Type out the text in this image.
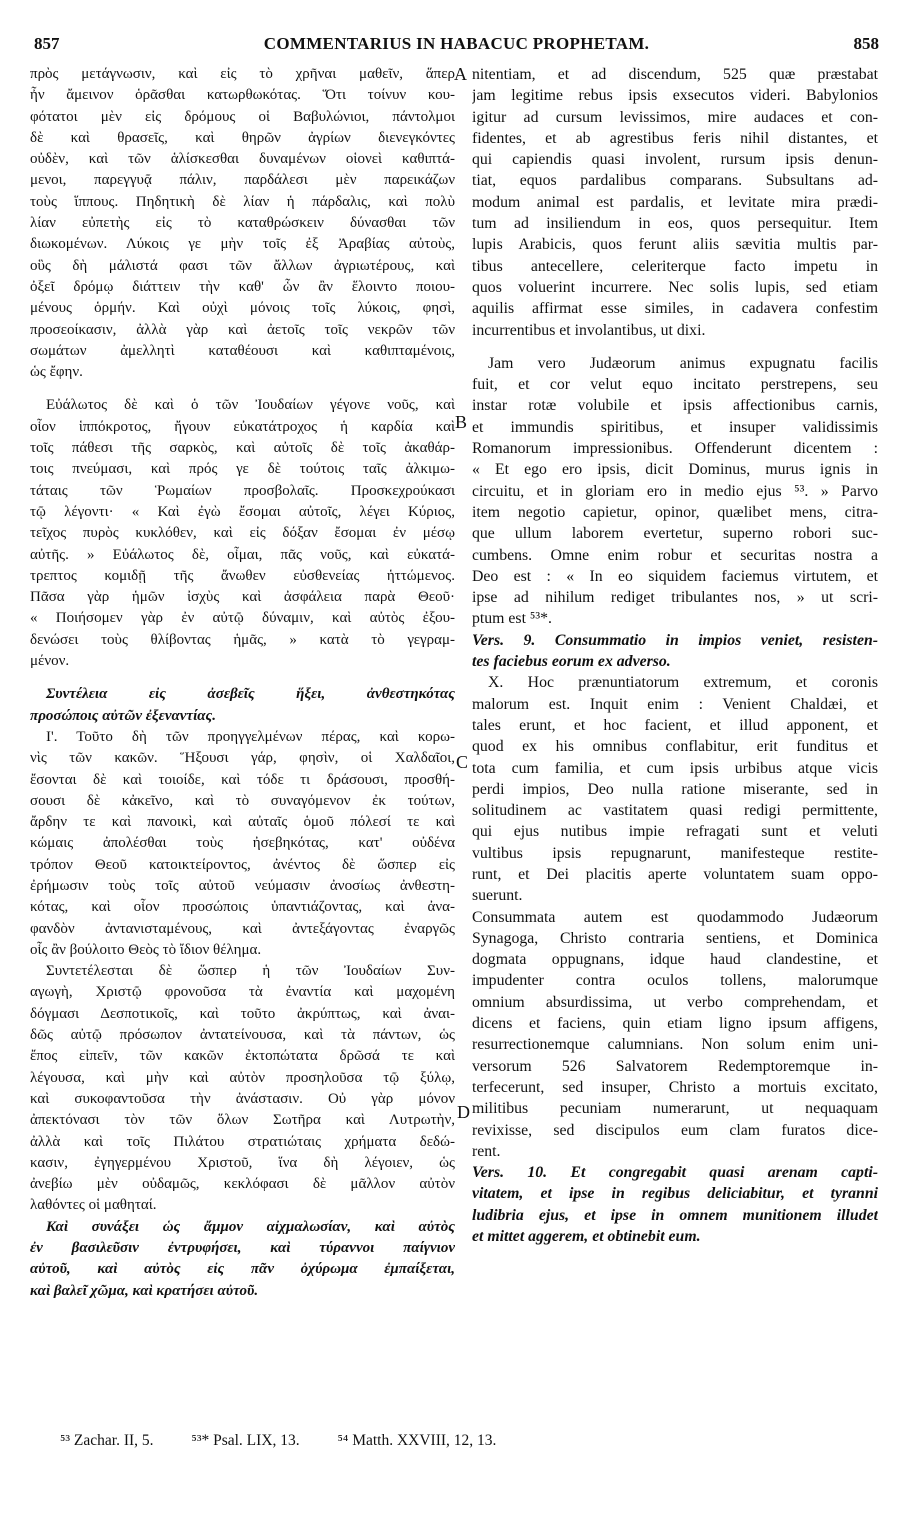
857	COMMENTARIUS IN HABACUC PROPHETAM.	858
πρὸς μετάγνωσιν, καὶ εἰς τὸ χρῆναι μαθεῖν, ἅπερ
ἦν ἄμεινον ὁρᾶσθαι κατωρθωκότας. Ὅτι τοίνυν κου-
φότατοι μὲν εἰς δρόμους οἱ Βαβυλώνιοι, πάντολμοι
δὲ καὶ θρασεῖς, καὶ θηρῶν ἀγρίων διενεγκόντες
οὐδὲν, καὶ τῶν ἁλίσκεσθαι δυναμένων οἱονεὶ καθιπτά-
μενοι, παρεγγυᾷ πάλιν, παρδάλεσι μὲν παρεικάζων
τοὺς ἵππους. Πηδητικὴ δὲ λίαν ἡ πάρδαλις, καὶ πολὺ
λίαν εὐπετὴς εἰς τὸ καταθρώσκειν δύνασθαι τῶν
διωκομένων. Λύκοις γε μὴν τοῖς ἐξ Ἀραβίας αὐτοὺς,
οὓς δὴ μάλιστά φασι τῶν ἄλλων ἀγριωτέρους, καὶ
ὀξεῖ δρόμῳ διάττειν τὴν καθ' ὧν ἂν ἕλοιντο ποιου-
μένους ὁρμήν. Καὶ οὐχὶ μόνοις τοῖς λύκοις, φησὶ,
προσεοίκασιν, ἀλλὰ γὰρ καὶ ἀετοῖς τοῖς νεκρῶν τῶν
σωμάτων ἀμελλητὶ καταθέουσι καὶ καθιπταμένοις,
ὡς ἔφην.
Εὐάλωτος δὲ καὶ ὁ τῶν Ἰουδαίων γέγονε νοῦς, καὶ
οἷον ἱππόκροτος, ἤγουν εὐκατάτροχος ἡ καρδία καὶ
τοῖς πάθεσι τῆς σαρκὸς, καὶ αὐτοῖς δὲ τοῖς ἀκαθάρ-
τοις πνεύμασι, καὶ πρός γε δὲ τούτοις ταῖς ἀλκιμω-
τάταις τῶν Ῥωμαίων προσβολαῖς. Προσκεχρούκασι
τῷ λέγοντι· « Καὶ ἐγὼ ἔσομαι αὐτοῖς, λέγει Κύριος,
τεῖχος πυρὸς κυκλόθεν, καὶ εἰς δόξαν ἔσομαι ἐν μέσῳ
αὐτῆς. » Εὐάλωτος δὲ, οἶμαι, πᾶς νοῦς, καὶ εὐκατά-
τρεπτος κομιδῇ τῆς ἄνωθεν εὐσθενείας ἡττώμενος.
Πᾶσα γὰρ ἡμῶν ἰσχὺς καὶ ἀσφάλεια παρὰ Θεοῦ·
« Ποιήσομεν γὰρ ἐν αὐτῷ δύναμιν, καὶ αὐτὸς ἐξου-
δενώσει τοὺς θλίβοντας ἡμᾶς, » κατὰ τὸ γεγραμ-
μένον.
Συντέλεια εἰς ἀσεβεῖς ἥξει, ἀνθεστηκότας
προσώποις αὐτῶν ἐξεναντίας.
Ι'. Τοῦτο δὴ τῶν προηγγελμένων πέρας, καὶ κορω-
νὶς τῶν κακῶν. Ἥξουσι γάρ, φησὶν, οἱ Χαλδαῖοι,
ἔσονται δὲ καὶ τοιοίδε, καὶ τόδε τι δράσουσι, προσθή-
σουσι δὲ κἀκεῖνο, καὶ τὸ συναγόμενον ἐκ τούτων,
ἄρδην τε καὶ πανοικὶ, καὶ αὐταῖς ὁμοῦ πόλεσί τε καὶ
κώμαις ἀπολέσθαι τοὺς ἠσεβηκότας, κατ' οὐδένα
τρόπον Θεοῦ κατοικτείροντος, ἀνέντος δὲ ὥσπερ εἰς
ἐρήμωσιν τοὺς τοῖς αὐτοῦ νεύμασιν ἀνοσίως ἀνθεστη-
κότας, καὶ οἷον προσώποις ὑπαντιάζοντας, καὶ ἀνα-
φανδὸν ἀντανισταμένους, καὶ ἀντεξάγοντας ἐναργῶς
οἷς ἂν βούλοιτο Θεὸς τὸ ἴδιον θέλημα.
Συντετέλεσται δὲ ὥσπερ ἡ τῶν Ἰουδαίων Συν-
αγωγὴ, Χριστῷ φρονοῦσα τὰ ἐναντία καὶ μαχομένη
δόγμασι Δεσποτικοῖς, καὶ τοῦτο ἀκρύπτως, καὶ ἀναι-
δῶς αὐτῷ πρόσωπον ἀντατείνουσα, καὶ τὰ πάντων, ὡς
ἔπος εἰπεῖν, τῶν κακῶν ἐκτοπώτατα δρῶσά τε καὶ
λέγουσα, καὶ μὴν καὶ αὐτὸν προσηλοῦσα τῷ ξύλῳ,
καὶ συκοφαντοῦσα τὴν ἀνάστασιν. Οὐ γὰρ μόνον
ἀπεκτόνασι τὸν τῶν ὅλων Σωτῆρα καὶ Λυτρωτὴν,
ἀλλὰ καὶ τοῖς Πιλάτου στρατιώταις χρήματα δεδώ-
κασιν, ἐγηγερμένου Χριστοῦ, ἵνα δὴ λέγοιεν, ὡς
ἀνεβίω μὲν οὐδαμῶς, κεκλόφασι δὲ μᾶλλον αὐτὸν
λαθόντες οἱ μαθηταί.
Καὶ συνάξει ὡς ἄμμον αἰχμαλωσίαν, καὶ αὐτὸς
ἐν βασιλεῦσιν ἐντρυφήσει, καὶ τύραννοι παίγνιον
αὐτοῦ, καὶ αὐτὸς εἰς πᾶν ὀχύρωμα ἐμπαίξεται,
καὶ βαλεῖ χῶμα, καὶ κρατήσει αὐτοῦ.
nitentiam, et ad discendum, 525 quæ præstabat
jam legitime rebus ipsis exsecutos videri. Babylonios
igitur ad cursum levissimos, mire audaces et con-
fidentes, et ab agrestibus feris nihil distantes, et
qui capiendis quasi involent, rursum ipsis denun-
tiat, equos pardalibus comparans. Subsultans ad-
modum animal est pardalis, et levitate mira prædi-
tum ad insiliendum in eos, quos persequitur. Item
lupis Arabicis, quos ferunt aliis sævitia multis par-
tibus antecellere, celeriterque facto impetu in
quos voluerint incurrere. Nec solis lupis, sed etiam
aquilis affirmat esse similes, in cadavera confestim
incurrentibus et involantibus, ut dixi.
Jam vero Judæorum animus expugnatu facilis
fuit, et cor velut equo incitato perstrepens, seu
instar rotæ volubile et ipsis affectionibus carnis,
et immundis spiritibus, et insuper validissimis
Romanorum impressionibus. Offenderunt dicentem :
« Et ego ero ipsis, dicit Dominus, murus ignis in
circuitu, et in gloriam ero in medio ejus ⁵³. » Parvo
item negotio capietur, opinor, quælibet mens, citra-
que ullum laborem evertetur, superno robori suc-
cumbens. Omne enim robur et securitas nostra a
Deo est : « In eo siquidem faciemus virtutem, et
ipse ad nihilum rediget tribulantes nos, » ut scri-
ptum est ⁵³*.
Vers. 9. Consummatio in impios veniet, resisten-
tes faciebus eorum ex adverso.
X. Hoc prænuntiatorum extremum, et coronis
malorum est. Inquit enim : Venient Chaldæi, et
tales erunt, et hoc facient, et illud apponent, et
quod ex his omnibus conflabitur, erit funditus et
tota cum familia, et cum ipsis urbibus atque vicis
perdi impios, Deo nulla ratione miserante, sed in
solitudinem ac vastitatem quasi redigi permittente,
qui ejus nutibus impie refragati sunt et veluti
vultibus ipsis repugnarunt, manifesteque restite-
runt, et Dei placitis aperte voluntatem suam oppo-
suerunt.
Consummata autem est quodammodo Judæorum
Synagoga, Christo contraria sentiens, et Dominica
dogmata oppugnans, idque haud clandestine, et
impudenter contra oculos tollens, malorumque
omnium absurdissima, ut verbo comprehendam, et
dicens et faciens, quin etiam ligno ipsum affigens,
resurrectionemque calumnians. Non solum enim uni-
versorum 526 Salvatorem Redemptoremque in-
terfecerunt, sed insuper, Christo a mortuis excitato,
militibus pecuniam numerarunt, ut nequaquam
revixisse, sed discipulos eum clam furatos dice-
rent.
Vers. 10. Et congregabit quasi arenam capti-
vitatem, et ipse in regibus deliciabitur, et tyranni
ludibria ejus, et ipse in omnem munitionem illudet
et mittet aggerem, et obtinebit eum.
A
B
C
D
⁵³ Zachar. II, 5. ⁵³* Psal. LIX, 13. ⁵⁴ Matth. XXVIII, 12, 13.
